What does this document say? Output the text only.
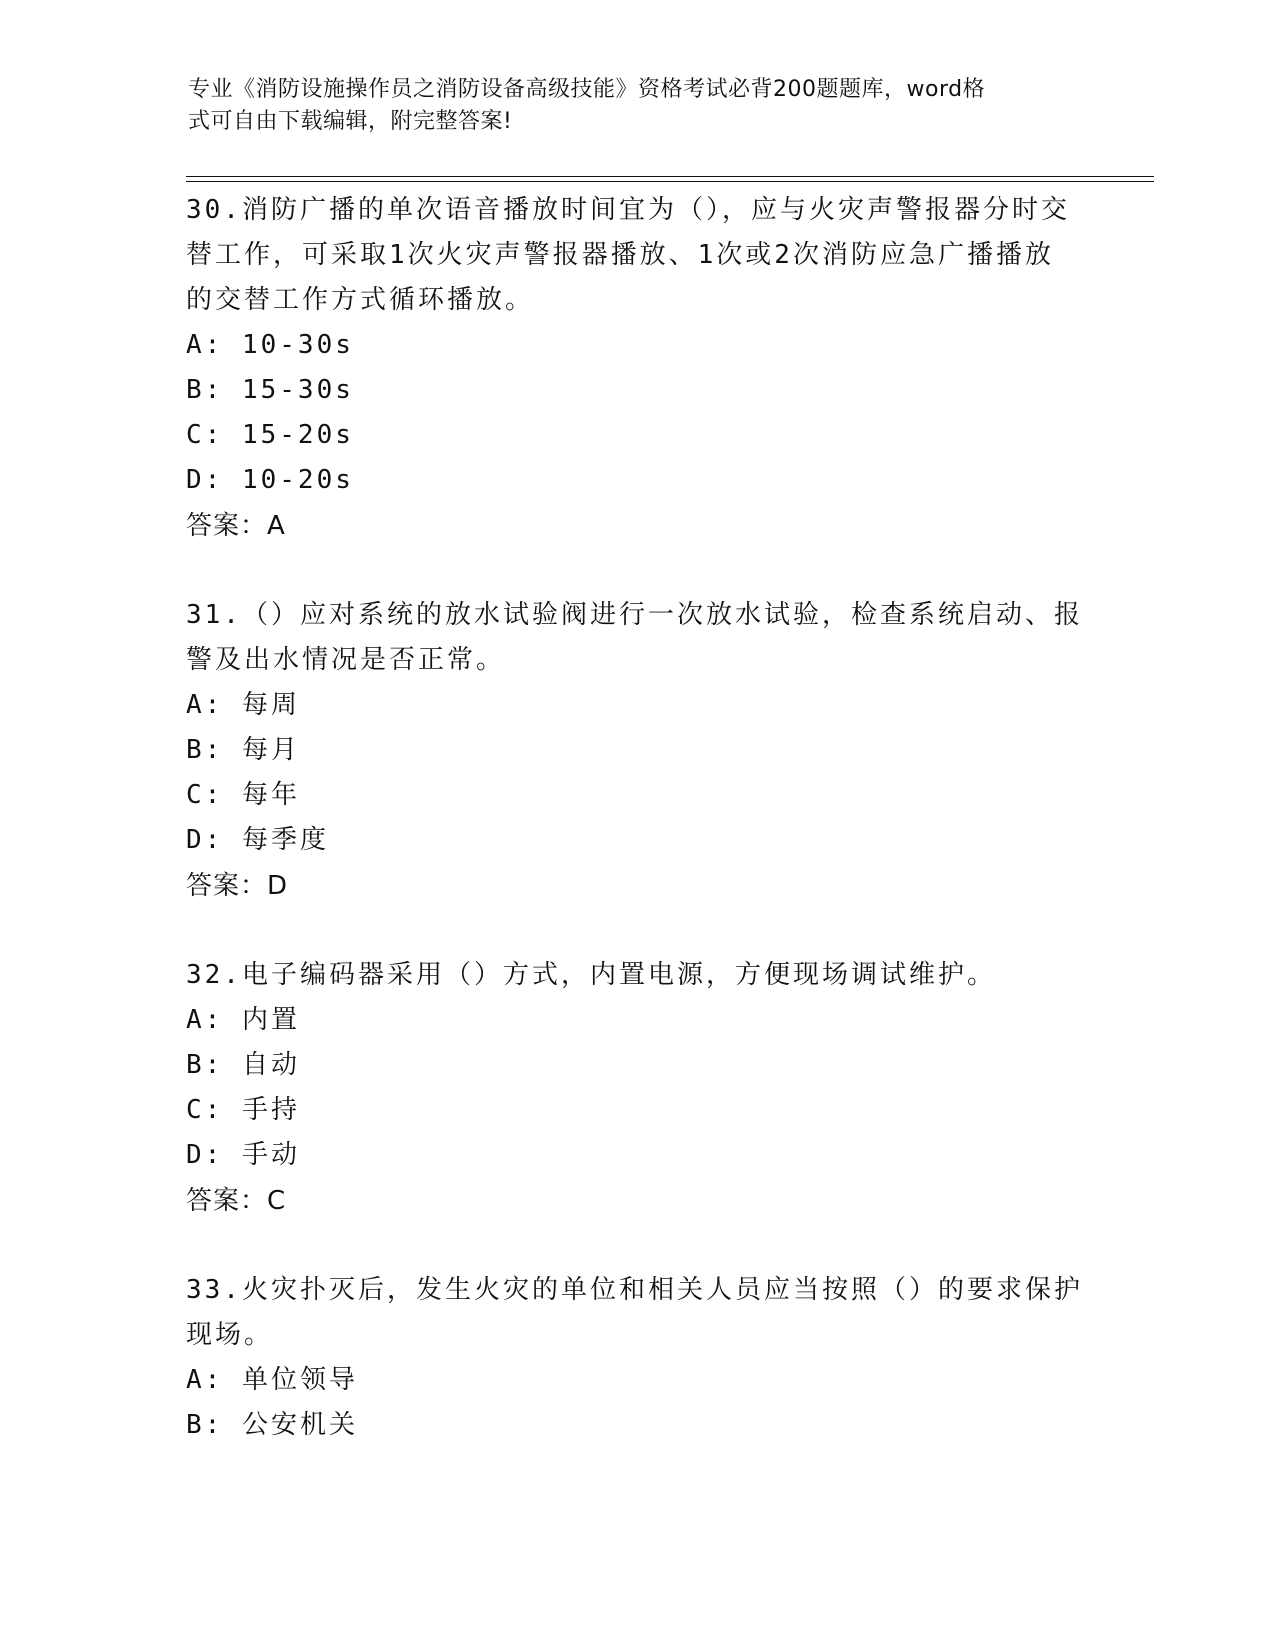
专业《消防设施操作员之消防设备高级技能》资格考试必背200题题库，word格
式可自由下载编辑，附完整答案!

30.消防广播的单次语音播放时间宜为（），应与火灾声警报器分时交

替工作，可采取1次火灾声警报器播放、1次或2次消防应急广播播放

的交替工作方式循环播放。

A: 10-30s

B: 15-30s

C: 15-20s

D: 10-20s

答案：A

31.（）应对系统的放水试验阀进行一次放水试验，检查系统启动、报

警及出水情况是否正常。

A: 每周

B: 每月

C: 每年

D: 每季度

答案：D

32.电子编码器采用（）方式，内置电源，方便现场调试维护。

A: 内置

B: 自动

C: 手持

D: 手动

答案：C

33.火灾扑灭后，发生火灾的单位和相关人员应当按照（）的要求保护

现场。

A: 单位领导

B: 公安机关
